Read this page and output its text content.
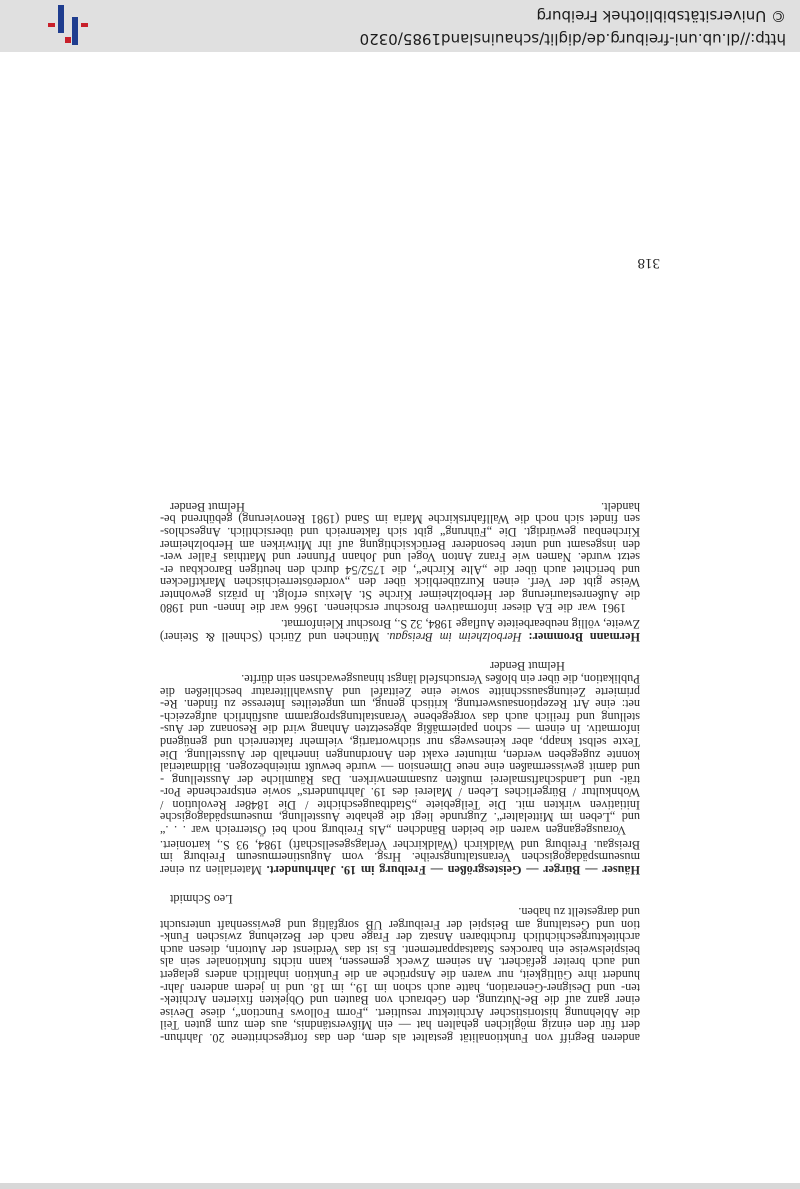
anderen Begriff von Funktionalität gestaltet als dem, den das fortgeschrittene 20. Jahrhun-
dert für den einzig möglichen gehalten hat — ein Mißverständnis, aus dem zum guten Teil
die Ablehnung historistischer Architektur resultiert. „Form Follows Function“, diese Devise
einer ganz auf die Be-Nutzung, den Gebrauch von Bauten und Objekten fixierten Architek-
ten- und Designer-Generation, hatte auch schon im 19., im 18. und in jedem anderen Jahr-
hundert ihre Gültigkeit, nur waren die Ansprüche an die Funktion inhaltlich anders gelagert
und auch breiter gefächert. An seinem Zweck gemessen, kann nichts funktionaler sein als
beispielsweise ein barockes Staatsappartement. Es ist das Verdienst der Autorin, diesen auch
architekturgeschichtlich fruchtbaren Ansatz der Frage nach der Beziehung zwischen Funk-
tion und Gestaltung am Beispiel der Freiburger UB sorgfältig und gewissenhaft untersucht
und dargestellt zu haben.
Leo Schmidt
Häuser — Bürger — Geistesgrößen — Freiburg im 19. Jahrhundert. Materialien zu einer
museumspädagogischen Veranstaltungsreihe. Hrsg. vom Augustinermuseum Freiburg im
Breisgau. Freiburg und Waldkirch (Waldkircher Verlagsgesellschaft) 1984, 93 S., kartoniert.
Vorausgegangen waren die beiden Bändchen „Als Freiburg noch bei Österreich war . . .“
und „Leben im Mittelalter“. Zugrunde liegt die gehabte Ausstellung, museumspädagogische
Initiativen wirkten mit. Die Teilgebiete „Stadtbaugeschichte / Die 1848er Revolution /
Wohnkultur / Bürgerliches Leben / Malerei des 19. Jahrhunderts“ sowie entsprechende Por-
trät- und Landschaftsmalerei mußten zusammenwirken. Das Räumliche der Ausstellung -
und damit gewissermaßen eine neue Dimension — wurde bewußt miteinbezogen. Bildmaterial
konnte zugegeben werden, mitunter exakt den Anordnungen innerhalb der Ausstellung. Die
Texte selbst knapp, aber keineswegs nur stichwortartig, vielmehr faktenreich und genügend
informativ. In einem — schon papiermäßig abgesetzten Anhang wird die Resonanz der Aus-
stellung und freilich auch das vorgegebene Veranstaltungsprogramm ausführlich aufgezeich-
net: eine Art Rezeptionsauswertung, kritisch genug, um ungeteiltes Interesse zu finden. Re-
primierte Zeitungsausschnitte sowie eine Zeittafel und Auswahlliteratur beschließen die
Publikation, die über ein bloßes Versuchsfeld längst hinausgewachsen sein dürfte.
Helmut Bender
Hermann Brommer: Herbolzheim im Breisgau. München und Zürich (Schnell & Steiner)
Zweite, völlig neubearbeitete Auflage 1984, 32 S., Broschur Kleinformat.
1961 war die EA dieser informativen Broschur erschienen. 1966 war die Innen- und 1980
die Außenrestaurierung der Herbolzheimer Kirche St. Alexius erfolgt. In präzis gewohnter
Weise gibt der Verf. einen Kurzüberblick über den „vorderösterreichischen Marktflecken
und berichtet auch über die „Alte Kirche“, die 1752/54 durch den heutigen Barockbau er-
setzt wurde. Namen wie Franz Anton Vogel und Johann Pfunner und Matthias Faller wer-
den insgesamt und unter besonderer Berücksichtigung auf ihr Mitwirken am Herbolzheimer
Kirchenbau gewürdigt. Die „Führung“ gibt sich faktenreich und übersichtlich. Angeschlos-
sen findet sich noch die Wallfahrtskirche Maria im Sand (1981 Renovierung) gebührend be-
handelt.
Helmut Bender
318
http://dl.ub.uni-freiburg.de/diglit/schauinsland1985/0320
© Universitätsbibliothek Freiburg
